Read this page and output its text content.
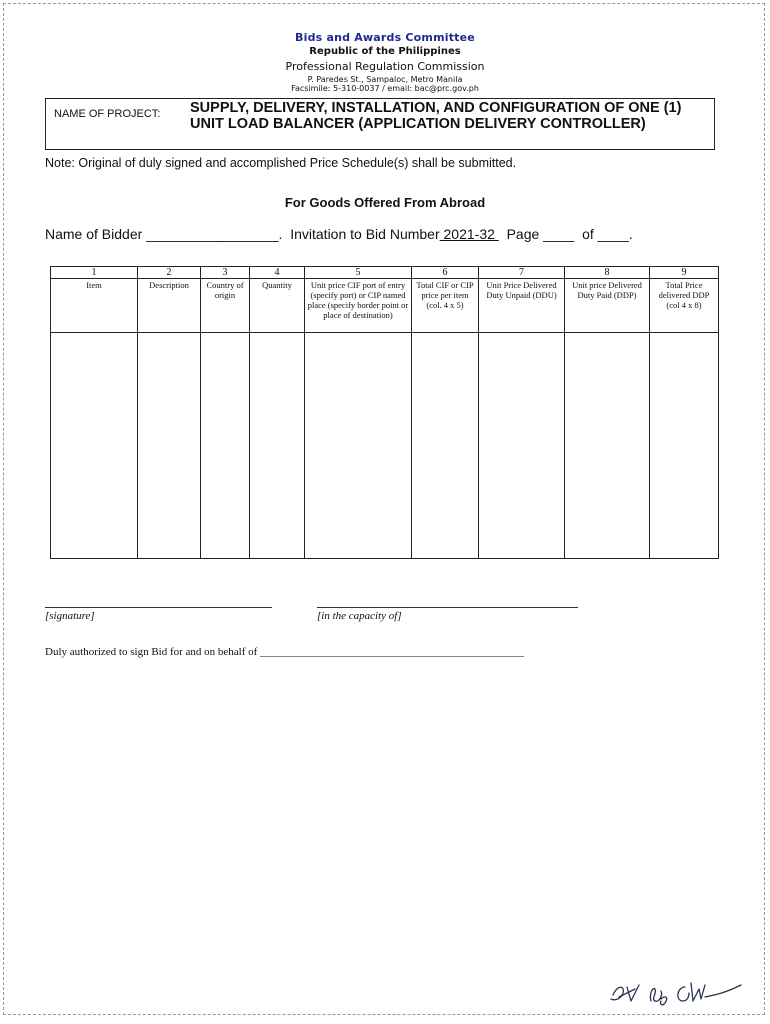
Bids and Awards Committee
Republic of the Philippines
Professional Regulation Commission
P. Paredes St., Sampaloc, Metro Manila
Facsimile: 5-310-0037 / email: bac@prc.gov.ph
NAME OF PROJECT: SUPPLY, DELIVERY, INSTALLATION, AND CONFIGURATION OF ONE (1) UNIT LOAD BALANCER (APPLICATION DELIVERY CONTROLLER)
Note: Original of duly signed and accomplished Price Schedule(s) shall be submitted.
For Goods Offered From Abroad
Name of Bidder _________________.  Invitation to Bid Number 2021-32   Page ____  of ____.
1	2	3	4	5	6	7	8	9
Item	Description	Country of origin	Quantity	Unit price CIF port of entry (specify port) or CIP named place (specify border point or place of destination)	Total CIF or CIP price per item (col. 4 x 5)	Unit Price Delivered Duty Unpaid (DDU)	Unit price Delivered Duty Paid (DDP)	Total Price delivered DDP (col 4 x 8)

[signature]	[in the capacity of]
Duly authorized to sign Bid for and on behalf of ________________________________________________
